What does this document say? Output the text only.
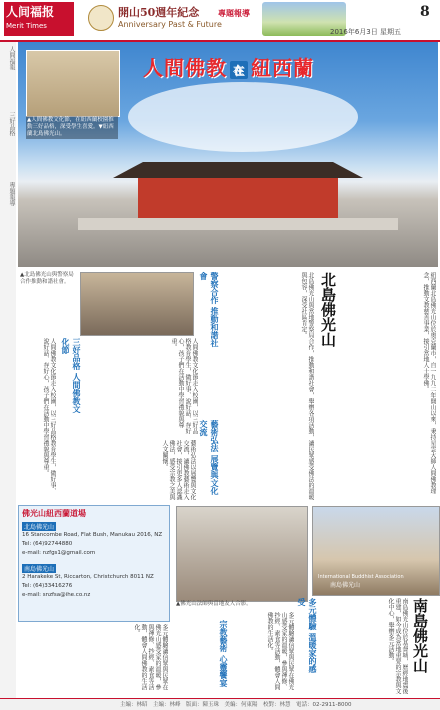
人间福报
Merit Times
開山50週年紀念
Anniversary Past & Future
專題報導	8
2016年6月3日 星期五
人間福報
三好品格
專題報導
人間佛教 在 紐西蘭
▲人間佛教文化節，在紐西蘭校園推動三好品格，深受學生喜愛。▼紐西蘭北島佛光山。
北島佛光山	紐西蘭北島佛光山位於奧克蘭市，自一九九二年開山以來，秉持星雲大師人間佛教理念，推動文教慈善事業，接引當地人士學佛。
北島佛光山與當地警察局合作，推動和諧社會，舉辦各項活動，讓民眾感受佛法的溫暖與包容，深受社區肯定。
警察合作 推動和諧社會
▲北島佛光山與警察局合作推動和諧社會。
三好品格 人間佛教文化節	人間佛教文化節走入校園，以三好品格教育學生，做好事、說好話、存好心，孩子們在活動中學習禮貌與尊重。
人間佛教文化節走入校園，以三好品格教育學生，做好事、說好話、存好心，孩子們在活動中學習禮貌與尊重。	藝術弘法 展覽與文化交流
藝術弘法以展覽與文化交流，讓佛教藝術走入社會，接引更多人認識佛法，感受宗教之美與人文關懷。
▲佛光山法師與當地友人合影。
International Buddhist Association
南島佛光山
南島佛光山
南島佛光山位於基督城，歷經地震後重建，如今成為當地重要的宗教與文化中心，舉辦多元活動。
多元體驗 溫暖家的感受
多元體驗讓信眾與民眾在佛光山感受家的溫暖，參與禪修、抄經、素食等活動，體會人間佛教的生活化。
宗教藝術 心靈饗宴
佛光山紐西蘭道場
北島佛光山
16 Stancombe Road, Flat Bush, Manukau 2016, NZ
Tel: (64)92744880
e-mail: nzfgs1@gmail.com
南島佛光山
2 Harakeke St, Riccarton, Christchurch 8011 NZ
Tel: (64)33416276
e-mail: snzfsa@ihe.co.nz
多元體驗讓信眾與民眾在佛光山感受家的溫暖，參與禪修、抄經、素食等活動，體會人間佛教的生活化。
主編：林昭　主編：林峰　版面：陳玉珠　美編：何東陽　校對：林慧　電話：02-2911-8000
